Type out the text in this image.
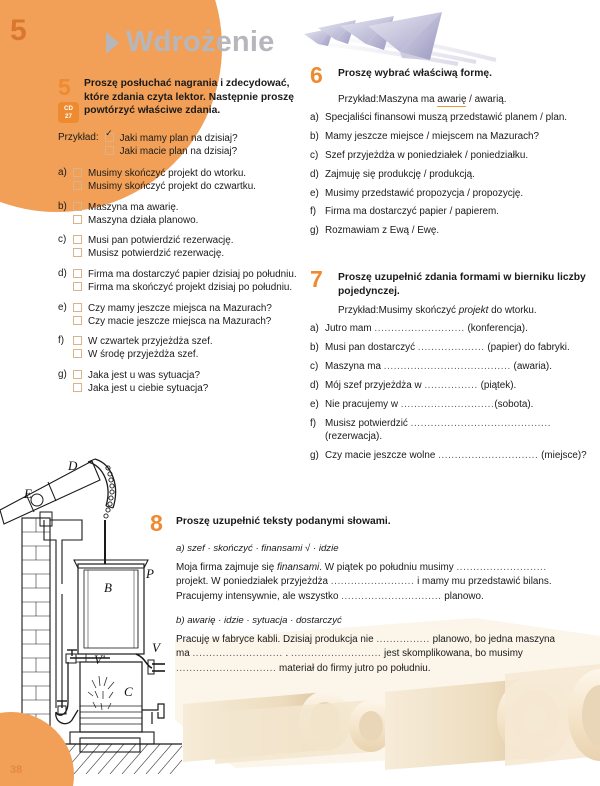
5	Wdrożenie
5
CD
27
Proszę posłuchać nagrania i zdecydować, które zdania czyta lektor. Następnie proszę powtórzyć właściwe zdania.
Przykład: ✓ Jaki mamy plan na dzisiaj?
Jaki macie plan na dzisiaj?
a)	Musimy skończyć projekt do wtorku.
Musimy skończyć projekt do czwartku.
b)	Maszyna ma awarię.
Maszyna działa planowo.
c)	Musi pan potwierdzić rezerwację.
Musisz potwierdzić rezerwację.
d)	Firma ma dostarczyć papier dzisiaj po południu.
Firma ma skończyć projekt dzisiaj po południu.
e)	Czy mamy jeszcze miejsca na Mazurach?
Czy macie jeszcze miejsca na Mazurach?
f)	W czwartek przyjeżdża szef.
W środę przyjeżdża szef.
g)	Jaka jest u was sytuacja?
Jaka jest u ciebie sytuacja?
6	Proszę wybrać właściwą formę.
Przykład:Maszyna ma awarię / awarią.
a) Specjaliści finansowi muszą przedstawić planem / plan.
b) Mamy jeszcze miejsce / miejscem na Mazurach?
c) Szef przyjeżdża w poniedziałek / poniedziałku.
d) Zajmuję się produkcję / produkcją.
e) Musimy przedstawić propozycja / propozycję.
f) Firma ma dostarczyć papier / papierem.
g) Rozmawiam z Ewą / Ewę.
7	Proszę uzupełnić zdania formami w bierniku liczby pojedynczej.
Przykład:Musimy skończyć projekt do wtorku.
a) Jutro mam ........................... (konferencja).
b) Musi pan dostarczyć .................... (papier) do fabryki.
c) Maszyna ma ...................................... (awaria).
d) Mój szef przyjeżdża w ................ (piątek).
e) Nie pracujemy w ............................(sobota).
f) Musisz potwierdzić .......................................... (rezerwacja).
g) Czy macie jeszcze wolne .............................. (miejsce)?
8	Proszę uzupełnić teksty podanymi słowami.
a) szef · skończyć · finansami √ · idzie
Moja firma zajmuje się finansami. W piątek po południu musimy ........................... projekt. W poniedziałek przyjeżdża ......................... i mamy mu przedstawić bilans. Pracujemy intensywnie, ale wszystko .............................. planowo.
b) awarię · idzie · sytuacja · dostarczyć
Pracuję w fabryce kabli. Dzisiaj produkcja nie ................ planowo, bo jedna maszyna ma ........................... . ........................... jest skomplikowana, bo musimy .............................. materiał do firmy jutro po południu.
D
E
P
B
V'
V
C
38
